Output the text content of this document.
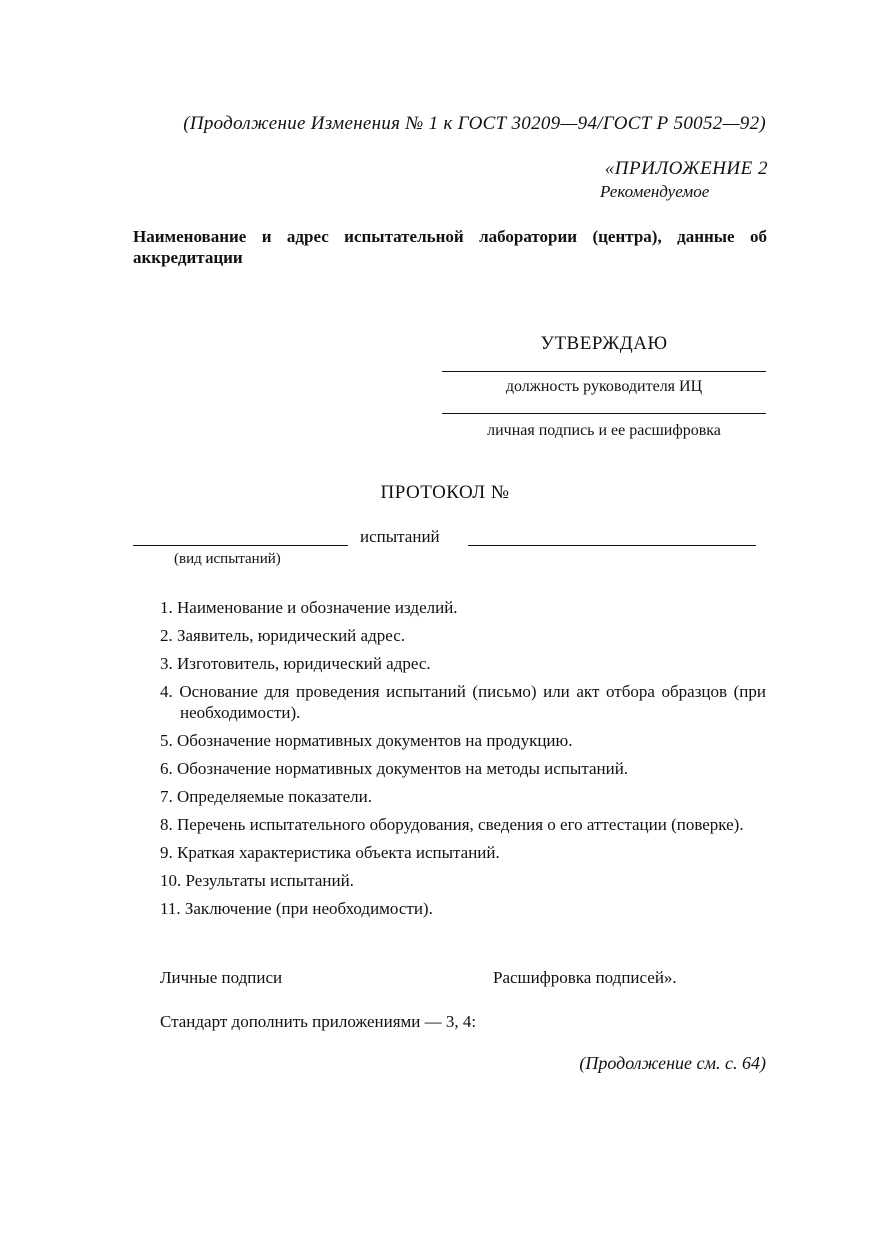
(Продолжение Изменения № 1 к ГОСТ 30209—94/ГОСТ Р 50052—92)
«ПРИЛОЖЕНИЕ 2
Рекомендуемое
Наименование и адрес испытательной лаборатории (центра), данные об аккредитации
УТВЕРЖДАЮ
должность руководителя ИЦ
личная подпись и ее расшифровка
ПРОТОКОЛ №
испытаний
(вид испытаний)
1. Наименование и обозначение изделий.
2. Заявитель, юридический адрес.
3. Изготовитель, юридический адрес.
4. Основание для проведения испытаний (письмо) или акт отбора образцов (при необходимости).
5. Обозначение нормативных документов на продукцию.
6. Обозначение нормативных документов на методы испытаний.
7. Определяемые показатели.
8. Перечень испытательного оборудования, сведения о его аттестации (поверке).
9. Краткая характеристика объекта испытаний.
10. Результаты испытаний.
11. Заключение (при необходимости).
Личные подписи	Расшифровка подписей».
Стандарт дополнить приложениями — 3, 4:
(Продолжение см. с. 64)
